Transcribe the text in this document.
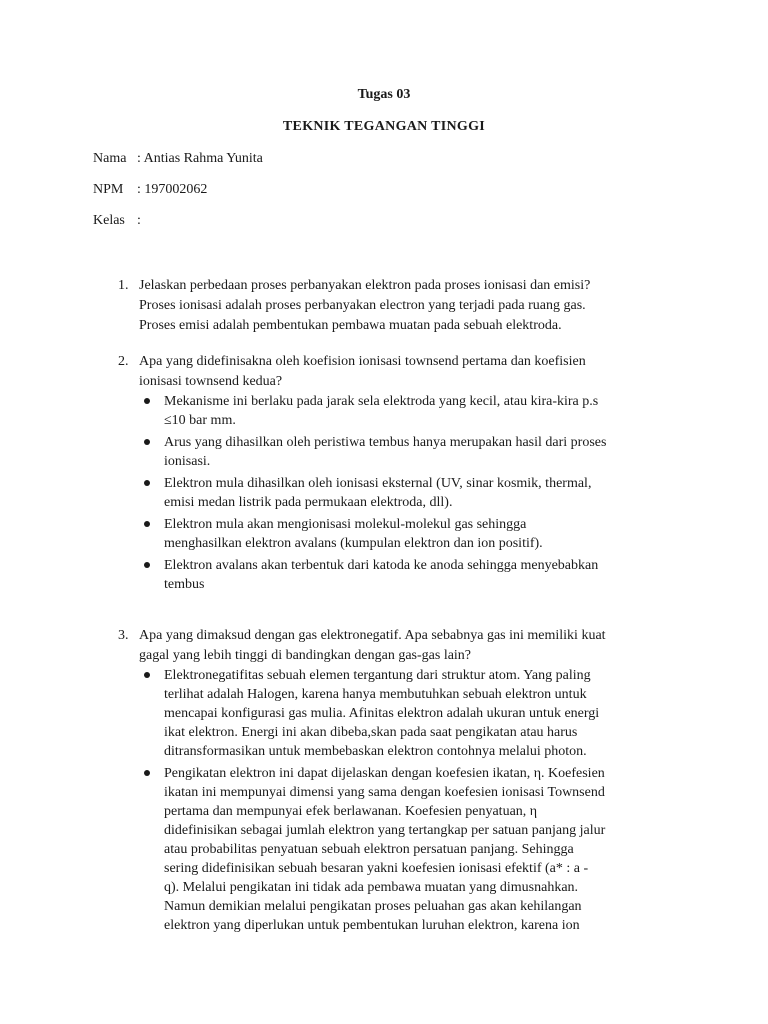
Tugas 03
TEKNIK TEGANGAN TINGGI
Nama : Antias Rahma Yunita
NPM : 197002062
Kelas :
1. Jelaskan perbedaan proses perbanyakan elektron pada proses ionisasi dan emisi?
Proses ionisasi adalah proses perbanyakan electron yang terjadi pada ruang gas.
Proses emisi adalah pembentukan pembawa muatan pada sebuah elektroda.
2. Apa yang didefinisakna oleh koefision ionisasi townsend pertama dan koefisien
ionisasi townsend kedua?
Mekanisme ini berlaku pada jarak sela elektroda yang kecil, atau kira-kira p.s
≤10 bar mm.
Arus yang dihasilkan oleh peristiwa tembus hanya merupakan hasil dari proses
ionisasi.
Elektron mula dihasilkan oleh ionisasi eksternal (UV, sinar kosmik, thermal,
emisi medan listrik pada permukaan elektroda, dll).
Elektron mula akan mengionisasi molekul-molekul gas sehingga
menghasilkan elektron avalans (kumpulan elektron dan ion positif).
Elektron avalans akan terbentuk dari katoda ke anoda sehingga menyebabkan
tembus
3. Apa yang dimaksud dengan gas elektronegatif. Apa sebabnya gas ini memiliki kuat
gagal yang lebih tinggi di bandingkan dengan gas-gas lain?
Elektronegatifitas sebuah elemen tergantung dari struktur atom. Yang paling
terlihat adalah Halogen, karena hanya membutuhkan sebuah elektron untuk
mencapai konfigurasi gas mulia. Afinitas elektron adalah ukuran untuk energi
ikat elektron. Energi ini akan dibeba,skan pada saat pengikatan atau harus
ditransformasikan untuk membebaskan elektron contohnya melalui photon.
Pengikatan elektron ini dapat dijelaskan dengan koefesien ikatan, η. Koefesien
ikatan ini mempunyai dimensi yang sama dengan koefesien ionisasi Townsend
pertama dan mempunyai efek berlawanan. Koefesien penyatuan, η
didefinisikan sebagai jumlah elektron yang tertangkap per satuan panjang jalur
atau probabilitas penyatuan sebuah elektron persatuan panjang. Sehingga
sering didefinisikan sebuah besaran yakni koefesien ionisasi efektif (a* : a -
q). Melalui pengikatan ini tidak ada pembawa muatan yang dimusnahkan.
Namun demikian melalui pengikatan proses peluahan gas akan kehilangan
elektron yang diperlukan untuk pembentukan luruhan elektron, karena ion
